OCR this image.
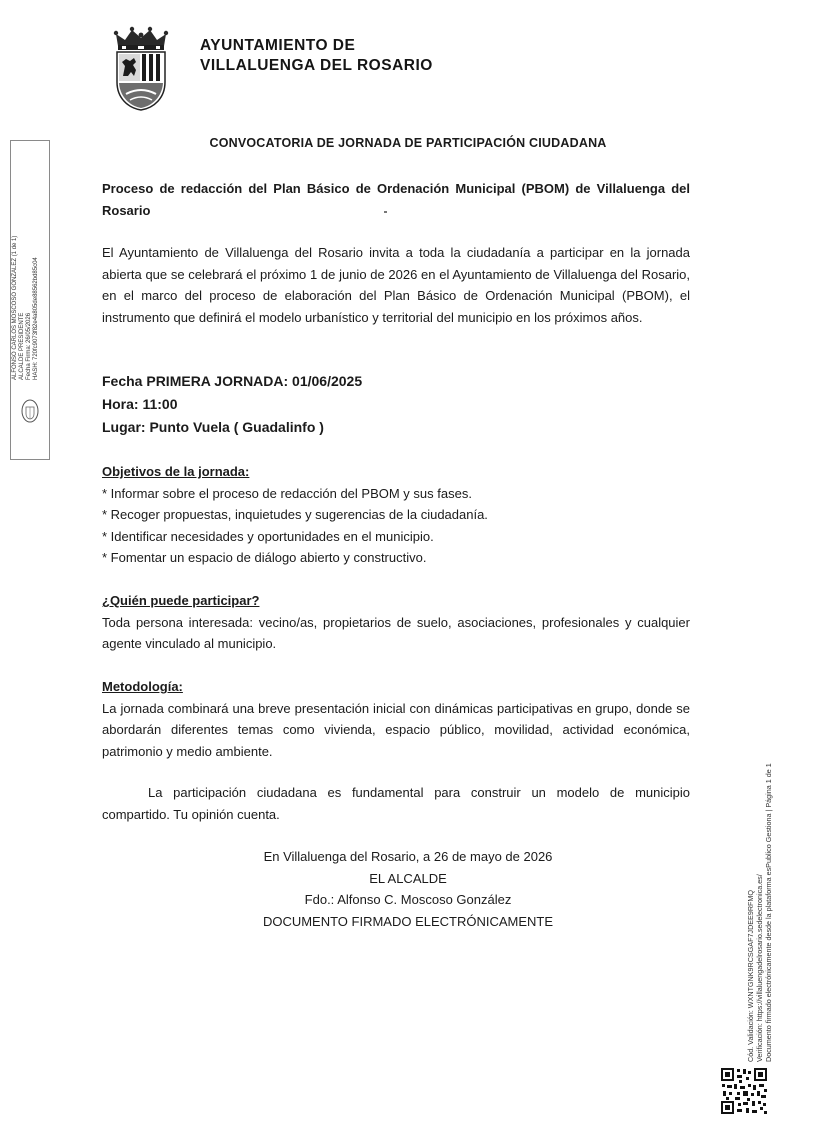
AYUNTAMIENTO DE
VILLALUENGA DEL ROSARIO
ALFONSO CARLOS MOSCOSO GONZALEZ (1 de 1) ALCALDE PRESIDENTE Fecha Firma: 26/05/2026 HASH: 720fc9073f82e4a805de88562bd85c04
CONVOCATORIA DE JORNADA DE PARTICIPACIÓN CIUDADANA
Proceso de redacción del Plan Básico de Ordenación Municipal (PBOM) de Villaluenga del Rosario
El Ayuntamiento de Villaluenga del Rosario invita a toda la ciudadanía a participar en la jornada abierta que se celebrará el próximo 1 de junio de 2026 en el Ayuntamiento de Villaluenga del Rosario, en el marco del proceso de elaboración del Plan Básico de Ordenación Municipal (PBOM), el instrumento que definirá el modelo urbanístico y territorial del municipio en los próximos años.
Fecha PRIMERA JORNADA: 01/06/2025
Hora: 11:00
Lugar: Punto Vuela ( Guadalinfo )
Objetivos de la jornada:
* Informar sobre el proceso de redacción del PBOM y sus fases.
* Recoger propuestas, inquietudes y sugerencias de la ciudadanía.
* Identificar necesidades y oportunidades en el municipio.
* Fomentar un espacio de diálogo abierto y constructivo.
¿Quién puede participar?
Toda persona interesada: vecino/as, propietarios de suelo, asociaciones, profesionales y cualquier agente vinculado al municipio.
Metodología:
La jornada combinará una breve presentación inicial con dinámicas participativas en grupo, donde se abordarán diferentes temas como vivienda, espacio público, movilidad, actividad económica, patrimonio y medio ambiente.
La participación ciudadana es fundamental para construir un modelo de municipio compartido. Tu opinión cuenta.
En Villaluenga del Rosario, a 26 de mayo de 2026
EL ALCALDE
Fdo.: Alfonso C. Moscoso González
DOCUMENTO FIRMADO ELECTRÓNICAMENTE	Cód. Validación: WXNTGNK9RCSGAF7JDEE9RFMQ Verificación: https://villaluengadelrosario.sedelectronica.es/ Documento firmado electrónicamente desde la plataforma esPublico Gestiona | Página 1 de 1
